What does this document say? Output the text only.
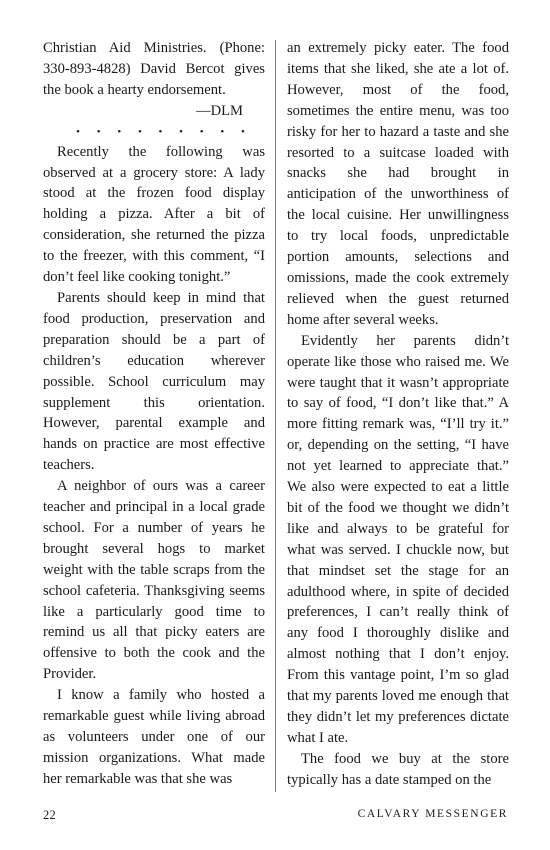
Christian Aid Ministries. (Phone: 330-893-4828) David Bercot gives the book a hearty endorsement.

—DLM

• • • • • • • • •

Recently the following was observed at a grocery store: A lady stood at the frozen food display holding a pizza. After a bit of consideration, she returned the pizza to the freezer, with this comment, “I don’t feel like cooking tonight.”

Parents should keep in mind that food production, preservation and preparation should be a part of children’s education wherever possible. School curriculum may supplement this orientation. However, parental example and hands on practice are most effective teachers.

A neighbor of ours was a career teacher and principal in a local grade school. For a number of years he brought several hogs to market weight with the table scraps from the school cafeteria. Thanksgiving seems like a particularly good time to remind us all that picky eaters are offensive to both the cook and the Provider.

I know a family who hosted a remarkable guest while living abroad as volunteers under one of our mission organizations. What made her remarkable was that she was

an extremely picky eater. The food items that she liked, she ate a lot of. However, most of the food, sometimes the entire menu, was too risky for her to hazard a taste and she resorted to a suitcase loaded with snacks she had brought in anticipation of the unworthiness of the local cuisine. Her unwillingness to try local foods, unpredictable portion amounts, selections and omissions, made the cook extremely relieved when the guest returned home after several weeks.

Evidently her parents didn’t operate like those who raised me. We were taught that it wasn’t appropriate to say of food, “I don’t like that.” A more fitting remark was, “I’ll try it.” or, depending on the setting, “I have not yet learned to appreciate that.” We also were expected to eat a little bit of the food we thought we didn’t like and always to be grateful for what was served. I chuckle now, but that mindset set the stage for an adulthood where, in spite of decided preferences, I can’t really think of any food I thoroughly dislike and almost nothing that I don’t enjoy. From this vantage point, I’m so glad that my parents loved me enough that they didn’t let my preferences dictate what I ate.

The food we buy at the store typically has a date stamped on the

22	CALVARY MESSENGER
